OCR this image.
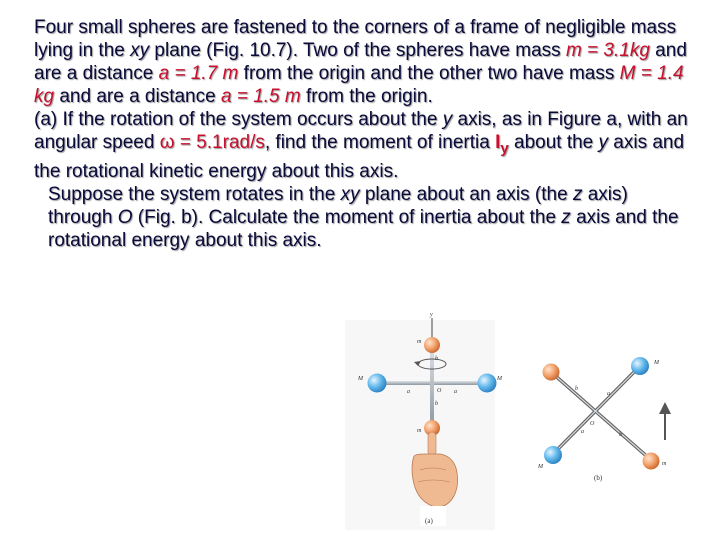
Four small spheres are fastened to the corners of a frame of negligible mass lying in the xy plane (Fig. 10.7). Two of the spheres have mass m = 3.1kg and are a distance a = 1.7 m from the origin and the other two have mass M = 1.4 kg and are a distance a = 1.5 m from the origin.

(a) If the rotation of the system occurs about the y axis, as in Figure a, with an angular speed ω = 5.1rad/s, find the moment of inertia $I_y$ about the y axis and the rotational kinetic energy about this axis.

Suppose the system rotates in the xy plane about an axis (the z axis) through O (Fig. b). Calculate the moment of inertia about the z axis and the rotational energy about this axis.

y
m
M	M
m
a	a
b
b
O
(a)
M
M	m
b
a
a	b
O
(b)
